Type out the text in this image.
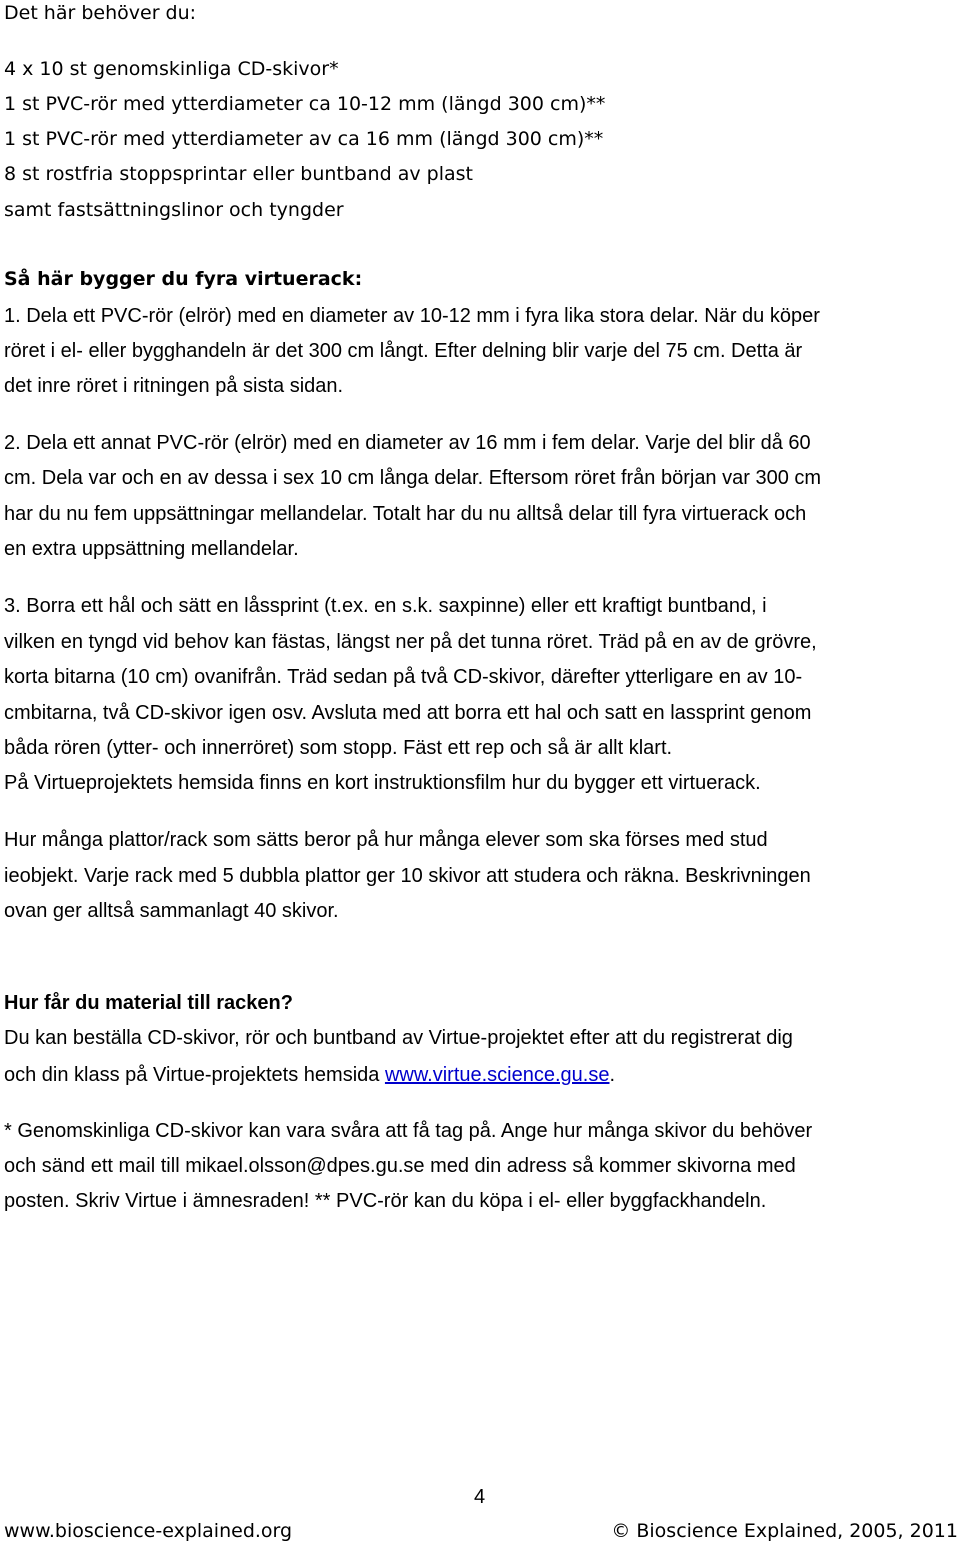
Det här behöver du:
4 x 10 st genomskinliga CD-skivor*
1 st PVC-rör med ytterdiameter ca 10-12 mm (längd 300 cm)**
1 st PVC-rör med ytterdiameter av ca 16 mm (längd 300 cm)**
8 st rostfria stoppsprintar eller buntband av plast
samt fastsättningslinor och tyngder
Så här bygger du fyra virtuerack:
1. Dela ett PVC-rör (elrör) med en diameter av 10-12 mm i fyra lika stora delar. När du köper
röret i el- eller bygghandeln är det 300 cm långt. Efter delning blir varje del 75 cm. Detta är
det inre röret i ritningen på sista sidan.
2. Dela ett annat PVC-rör (elrör) med en diameter av 16 mm i fem delar. Varje del blir då 60
cm. Dela var och en av dessa i sex 10 cm långa delar. Eftersom röret från början var 300 cm
har du nu fem uppsättningar mellandelar. Totalt har du nu alltså delar till fyra virtuerack och
en extra uppsättning mellandelar.
3. Borra ett hål och sätt en låssprint (t.ex. en s.k. saxpinne) eller ett kraftigt buntband, i
vilken en tyngd vid behov kan fästas, längst ner på det tunna röret. Träd på en av de grövre,
korta bitarna (10 cm) ovanifrån. Träd sedan på två CD-skivor, därefter ytterligare en av 10-
cmbitarna, två CD-skivor igen osv. Avsluta med att borra ett hal och satt en lassprint genom
båda rören (ytter- och innerröret) som stopp. Fäst ett rep och så är allt klart.
På Virtueprojektets hemsida finns en kort instruktionsfilm hur du bygger ett virtuerack.
Hur många plattor/rack som sätts beror på hur många elever som ska förses med stud
ieobjekt. Varje rack med 5 dubbla plattor ger 10 skivor att studera och räkna. Beskrivningen
ovan ger alltså sammanlagt 40 skivor.
Hur får du material till racken?
Du kan beställa CD-skivor, rör och buntband av Virtue-projektet efter att du registrerat dig
och din klass på Virtue-projektets hemsida www.virtue.science.gu.se.
* Genomskinliga CD-skivor kan vara svåra att få tag på. Ange hur många skivor du behöver
och sänd ett mail till mikael.olsson@dpes.gu.se med din adress så kommer skivorna med
posten. Skriv Virtue i ämnesraden! ** PVC-rör kan du köpa i el- eller byggfackhandeln.
4
www.bioscience-explained.org	© Bioscience Explained, 2005, 2011
